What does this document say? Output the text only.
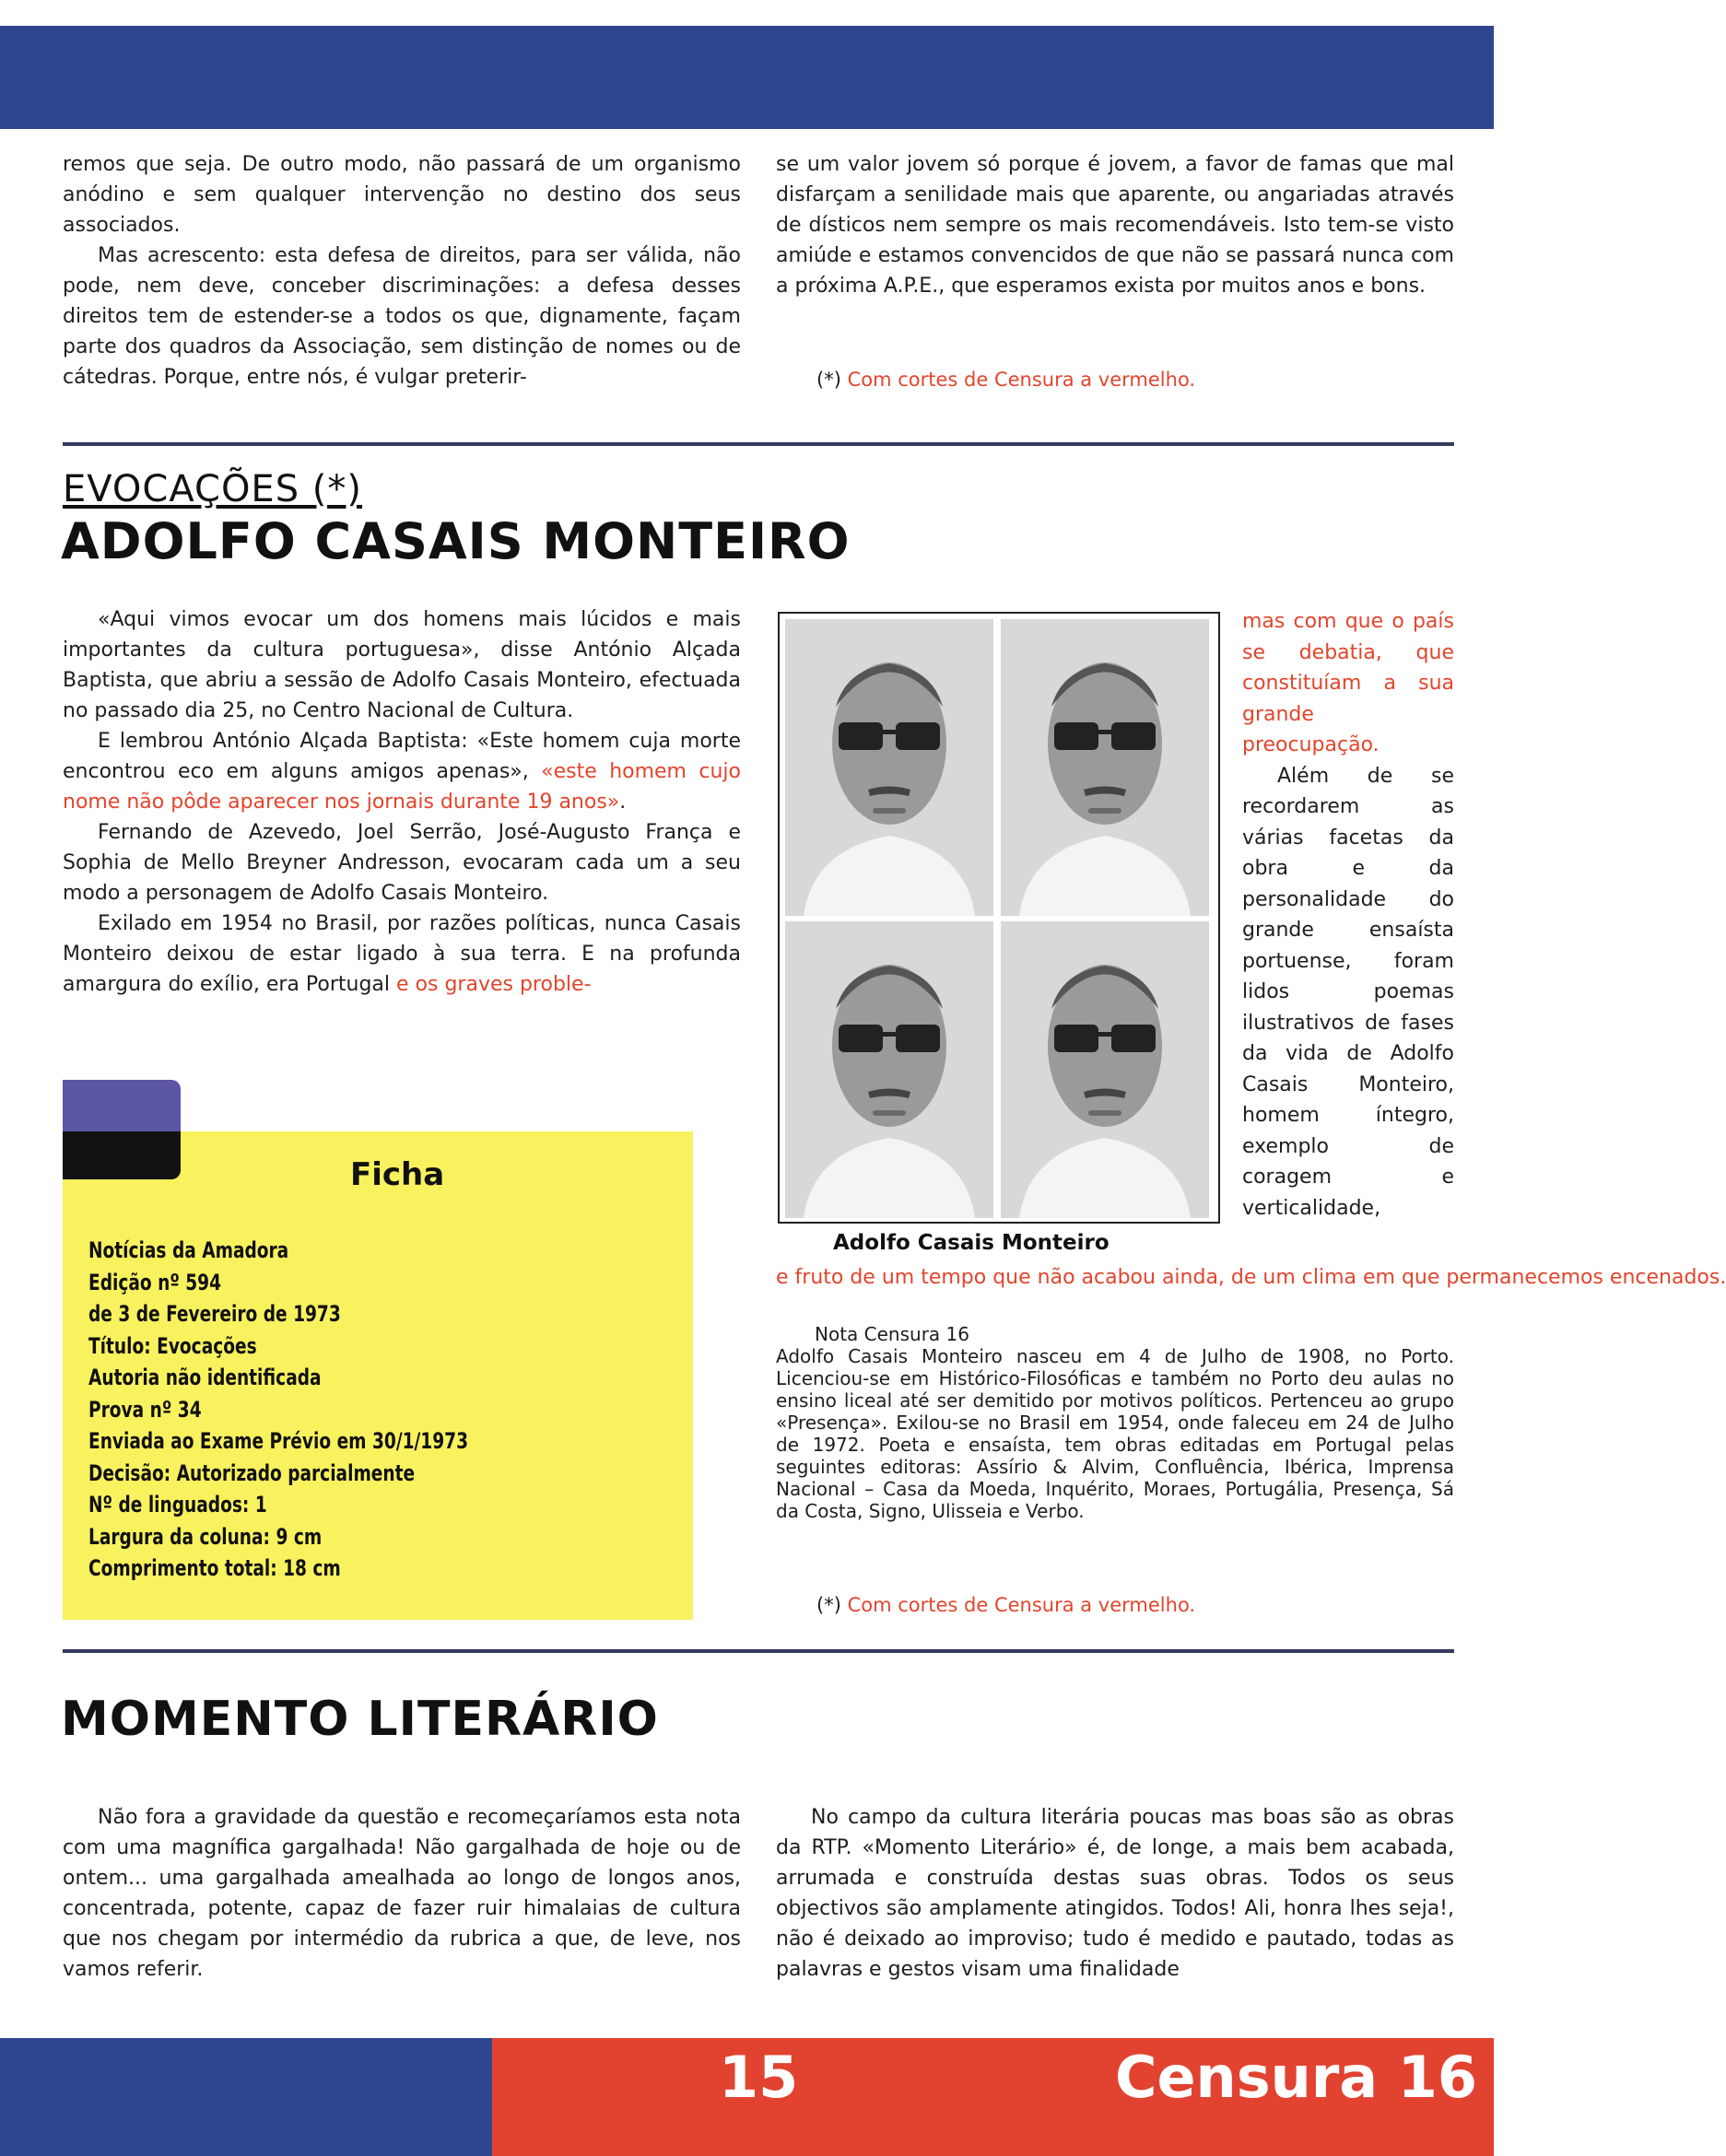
remos que seja. De outro modo, não passará de um organismo anódino e sem qualquer intervenção no destino dos seus associados.

Mas acrescento: esta defesa de direitos, para ser válida, não pode, nem deve, conceber discriminações: a defesa desses direitos tem de estender-se a todos os que, dignamente, façam parte dos quadros da Associação, sem distinção de nomes ou de cátedras. Porque, entre nós, é vulgar preterir-

se um valor jovem só porque é jovem, a favor de famas que mal disfarçam a senilidade mais que aparente, ou angariadas através de dísticos nem sempre os mais recomendáveis. Isto tem-se visto amiúde e estamos convencidos de que não se passará nunca com a próxima A.P.E., que esperamos exista por muitos anos e bons.

(*) Com cortes de Censura a vermelho.
EVOCAÇÕES (*)
ADOLFO CASAIS MONTEIRO

«Aqui vimos evocar um dos homens mais lúcidos e mais importantes da cultura portuguesa», disse António Alçada Baptista, que abriu a sessão de Adolfo Casais Monteiro, efectuada no passado dia 25, no Centro Nacional de Cultura.

E lembrou António Alçada Baptista: «Este homem cuja morte encontrou eco em alguns amigos apenas», «este homem cujo nome não pôde aparecer nos jornais durante 19 anos».

Fernando de Azevedo, Joel Serrão, José-Augusto França e Sophia de Mello Breyner Andresson, evocaram cada um a seu modo a personagem de Adolfo Casais Monteiro.

Exilado em 1954 no Brasil, por razões políticas, nunca Casais Monteiro deixou de estar ligado à sua terra. E na profunda amargura do exílio, era Portugal e os graves proble-

mas com que o país se debatia, que constituíam a sua grande preocupação.

Além de se recordarem as várias facetas da obra e da personalidade do grande ensaísta portuense, foram lidos poemas ilustrativos de fases da vida de Adolfo Casais Monteiro, homem íntegro, exemplo de coragem e verticalidade,

Adolfo Casais Monteiro
e fruto de um tempo que não acabou ainda, de um clima em que permanecemos encenados.
Ficha
Notícias da Amadora
Edição nº 594
de 3 de Fevereiro de 1973
Título: Evocações
Autoria não identificada
Prova nº 34
Enviada ao Exame Prévio em 30/1/1973
Decisão: Autorizado parcialmente
Nº de linguados: 1
Largura da coluna: 9 cm
Comprimento total: 18 cm
Nota Censura 16
Adolfo Casais Monteiro nasceu em 4 de Julho de 1908, no Porto. Licenciou-se em Histórico-Filosóficas e também no Porto deu aulas no ensino liceal até ser demitido por motivos políticos. Pertenceu ao grupo «Presença». Exilou-se no Brasil em 1954, onde faleceu em 24 de Julho de 1972. Poeta e ensaísta, tem obras editadas em Portugal pelas seguintes editoras: Assírio & Alvim, Confluência, Ibérica, Imprensa Nacional – Casa da Moeda, Inquérito, Moraes, Portugália, Presença, Sá da Costa, Signo, Ulisseia e Verbo.
(*) Com cortes de Censura a vermelho.
MOMENTO LITERÁRIO

Não fora a gravidade da questão e recomeçaríamos esta nota com uma magnífica gargalhada! Não gargalhada de hoje ou de ontem... uma gargalhada amealhada ao longo de longos anos, concentrada, potente, capaz de fazer ruir himalaias de cultura que nos chegam por intermédio da rubrica a que, de leve, nos vamos referir.

No campo da cultura literária poucas mas boas são as obras da RTP. «Momento Literário» é, de longe, a mais bem acabada, arrumada e construída destas suas obras. Todos os seus objectivos são amplamente atingidos. Todos! Ali, honra lhes seja!, não é deixado ao improviso; tudo é medido e pautado, todas as palavras e gestos visam uma finalidade

15	Censura 16
